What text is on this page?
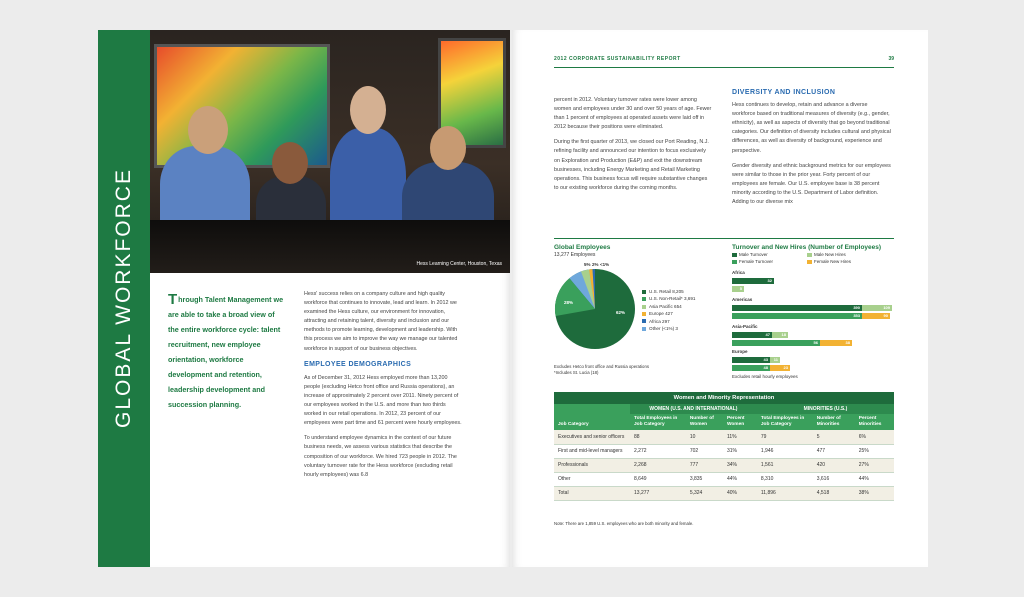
GLOBAL WORKFORCE	Hess Learning Center, Houston, Texas
Through Talent Management we are able to take a broad view of the entire workforce cycle: talent recruitment, new employee orientation, workforce development and retention, leadership development and succession planning.

Hess' success relies on a company culture and high quality workforce that continues to innovate, lead and learn. In 2012 we examined the Hess culture, our environment for innovation, attracting and retaining talent, diversity and inclusion and our methods to promote learning, development and leadership. With this process we aim to improve the way we manage our talented workforce in support of our business objectives.

EMPLOYEE DEMOGRAPHICS

As of December 31, 2012 Hess employed more than 13,200 people (excluding Hetco front office and Russia operations), an increase of approximately 2 percent over 2011. Ninety percent of our employees worked in the U.S. and more than two thirds worked in our retail operations. In 2012, 23 percent of our employees were part time and 61 percent were hourly employees.

To understand employee dynamics in the context of our future business needs, we assess various statistics that describe the composition of our workforce. We hired 723 people in 2012. The voluntary turnover rate for the Hess workforce (excluding retail hourly employees) was 6.8

2012 CORPORATE SUSTAINABILITY REPORT	39

percent in 2012. Voluntary turnover rates were lower among women and employees under 30 and over 50 years of age. Fewer than 1 percent of employees at operated assets were laid off in 2012 because their positions were eliminated.

During the first quarter of 2013, we closed our Port Reading, N.J. refining facility and announced our intention to focus exclusively on Exploration and Production (E&P) and exit the downstream businesses, including Energy Marketing and Retail Marketing operations. This business focus will require substantive changes to our existing workforce during the coming months.

DIVERSITY AND INCLUSION

Hess continues to develop, retain and advance a diverse workforce based on traditional measures of diversity (e.g., gender, ethnicity), as well as aspects of diversity that go beyond traditional categories. Our definition of diversity includes cultural and physical differences, as well as diversity of background, experience and perspective.

Gender diversity and ethnic background metrics for our employees were similar to those in the prior year. Forty percent of our employees are female. Our U.S. employee base is 38 percent minority according to the U.S. Department of Labor definition. Adding to our diverse mix

Global Employees
13,277 Employees
62%
28%
5% 2% <1%
U.S. Retail 8,205
U.S. Non-Retail* 3,691
Asia Pacific 654
Europe 427
Africa 297
Other (<1%) 3
Excludes Hetco front office and Russia operations
*Includes St. Lucia (18)
Turnover and New Hires (Number of Employees)
Male Turnover	Male New Hires
Female Turnover	Female New Hires
Africa
32
5
Americas
390	109
353	90
Asia-Pacific
47	18
56	38
Europe
43	11
48	23
Excludes retail hourly employees
Women and Minority Representation						
	WOMEN (U.S. AND INTERNATIONAL)			MINORITIES (U.S.)		
Job Category	Total Employees in Job Category	Number of Women	Percent Women	Total Employees in Job Category	Number of Minorities	Percent Minorities
Executives and senior officers	88	10	11%	79	5	6%
First and mid-level managers	2,272	702	31%	1,946	477	25%
Professionals	2,268	777	34%	1,561	420	27%
Other	8,649	3,835	44%	8,310	3,616	44%
Total	13,277	5,324	40%	11,896	4,518	38%
Note: There are 1,859 U.S. employees who are both minority and female.
